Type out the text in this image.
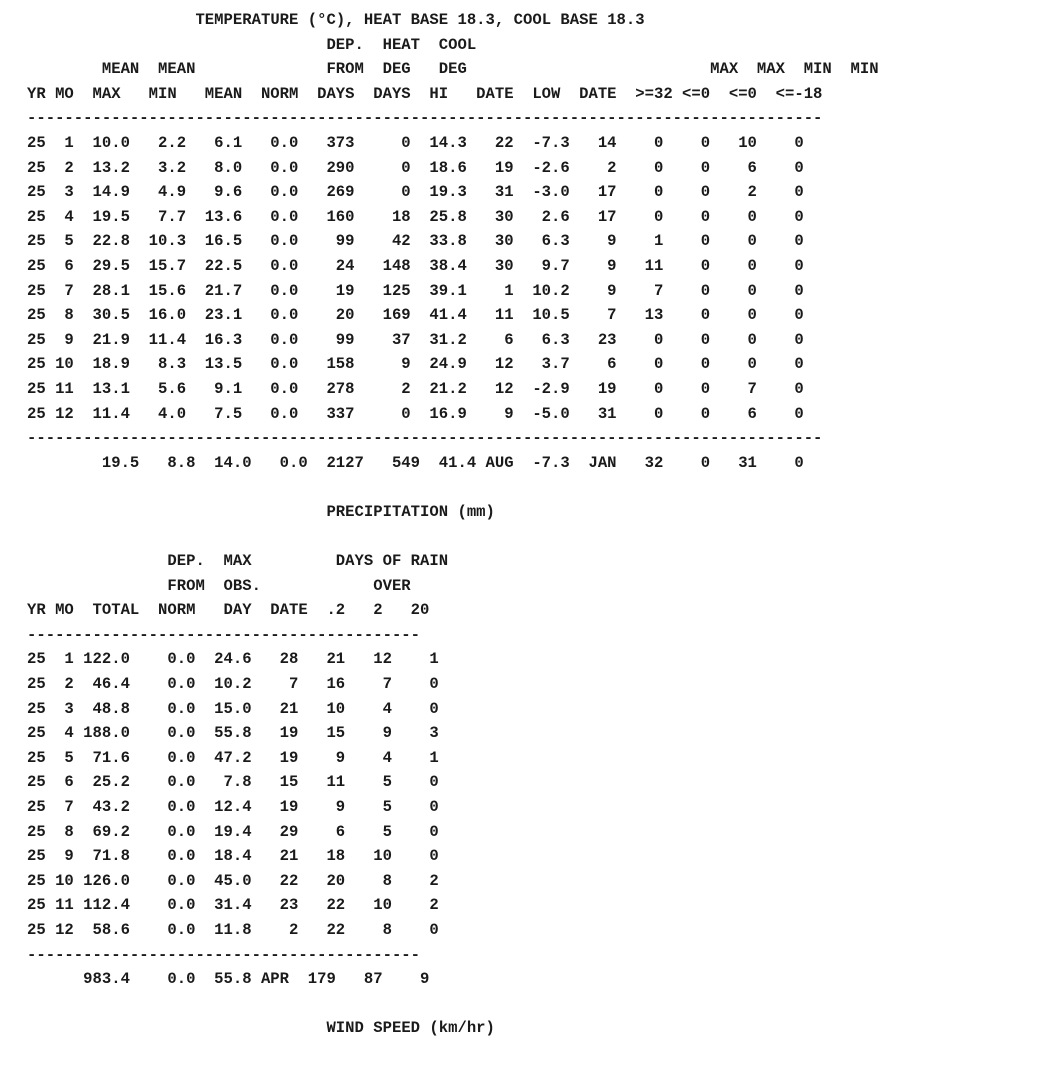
TEMPERATURE (°C), HEAT BASE 18.3, COOL BASE 18.3
DEP.  HEAT  COOL
MEAN  MEAN              FROM  DEG   DEG                          MAX  MAX  MIN  MIN
YR MO  MAX   MIN   MEAN  NORM  DAYS  DAYS  HI   DATE  LOW  DATE  >=32 <=0  <=0  <=-18
-------------------------------------------------------------------------------------
25  1  10.0   2.2   6.1   0.0   373     0  14.3   22  -7.3   14    0    0   10    0
25  2  13.2   3.2   8.0   0.0   290     0  18.6   19  -2.6    2    0    0    6    0
25  3  14.9   4.9   9.6   0.0   269     0  19.3   31  -3.0   17    0    0    2    0
25  4  19.5   7.7  13.6   0.0   160    18  25.8   30   2.6   17    0    0    0    0
25  5  22.8  10.3  16.5   0.0    99    42  33.8   30   6.3    9    1    0    0    0
25  6  29.5  15.7  22.5   0.0    24   148  38.4   30   9.7    9   11    0    0    0
25  7  28.1  15.6  21.7   0.0    19   125  39.1    1  10.2    9    7    0    0    0
25  8  30.5  16.0  23.1   0.0    20   169  41.4   11  10.5    7   13    0    0    0
25  9  21.9  11.4  16.3   0.0    99    37  31.2    6   6.3   23    0    0    0    0
25 10  18.9   8.3  13.5   0.0   158     9  24.9   12   3.7    6    0    0    0    0
25 11  13.1   5.6   9.1   0.0   278     2  21.2   12  -2.9   19    0    0    7    0
25 12  11.4   4.0   7.5   0.0   337     0  16.9    9  -5.0   31    0    0    6    0
-------------------------------------------------------------------------------------
19.5   8.8  14.0   0.0  2127   549  41.4 AUG  -7.3  JAN   32    0   31    0

PRECIPITATION (mm)

DEP.  MAX         DAYS OF RAIN
FROM  OBS.            OVER
YR MO  TOTAL  NORM   DAY  DATE  .2   2   20
------------------------------------------
25  1 122.0    0.0  24.6   28   21   12    1
25  2  46.4    0.0  10.2    7   16    7    0
25  3  48.8    0.0  15.0   21   10    4    0
25  4 188.0    0.0  55.8   19   15    9    3
25  5  71.6    0.0  47.2   19    9    4    1
25  6  25.2    0.0   7.8   15   11    5    0
25  7  43.2    0.0  12.4   19    9    5    0
25  8  69.2    0.0  19.4   29    6    5    0
25  9  71.8    0.0  18.4   21   18   10    0
25 10 126.0    0.0  45.0   22   20    8    2
25 11 112.4    0.0  31.4   23   22   10    2
25 12  58.6    0.0  11.8    2   22    8    0
------------------------------------------
983.4    0.0  55.8 APR  179   87    9

WIND SPEED (km/hr)
